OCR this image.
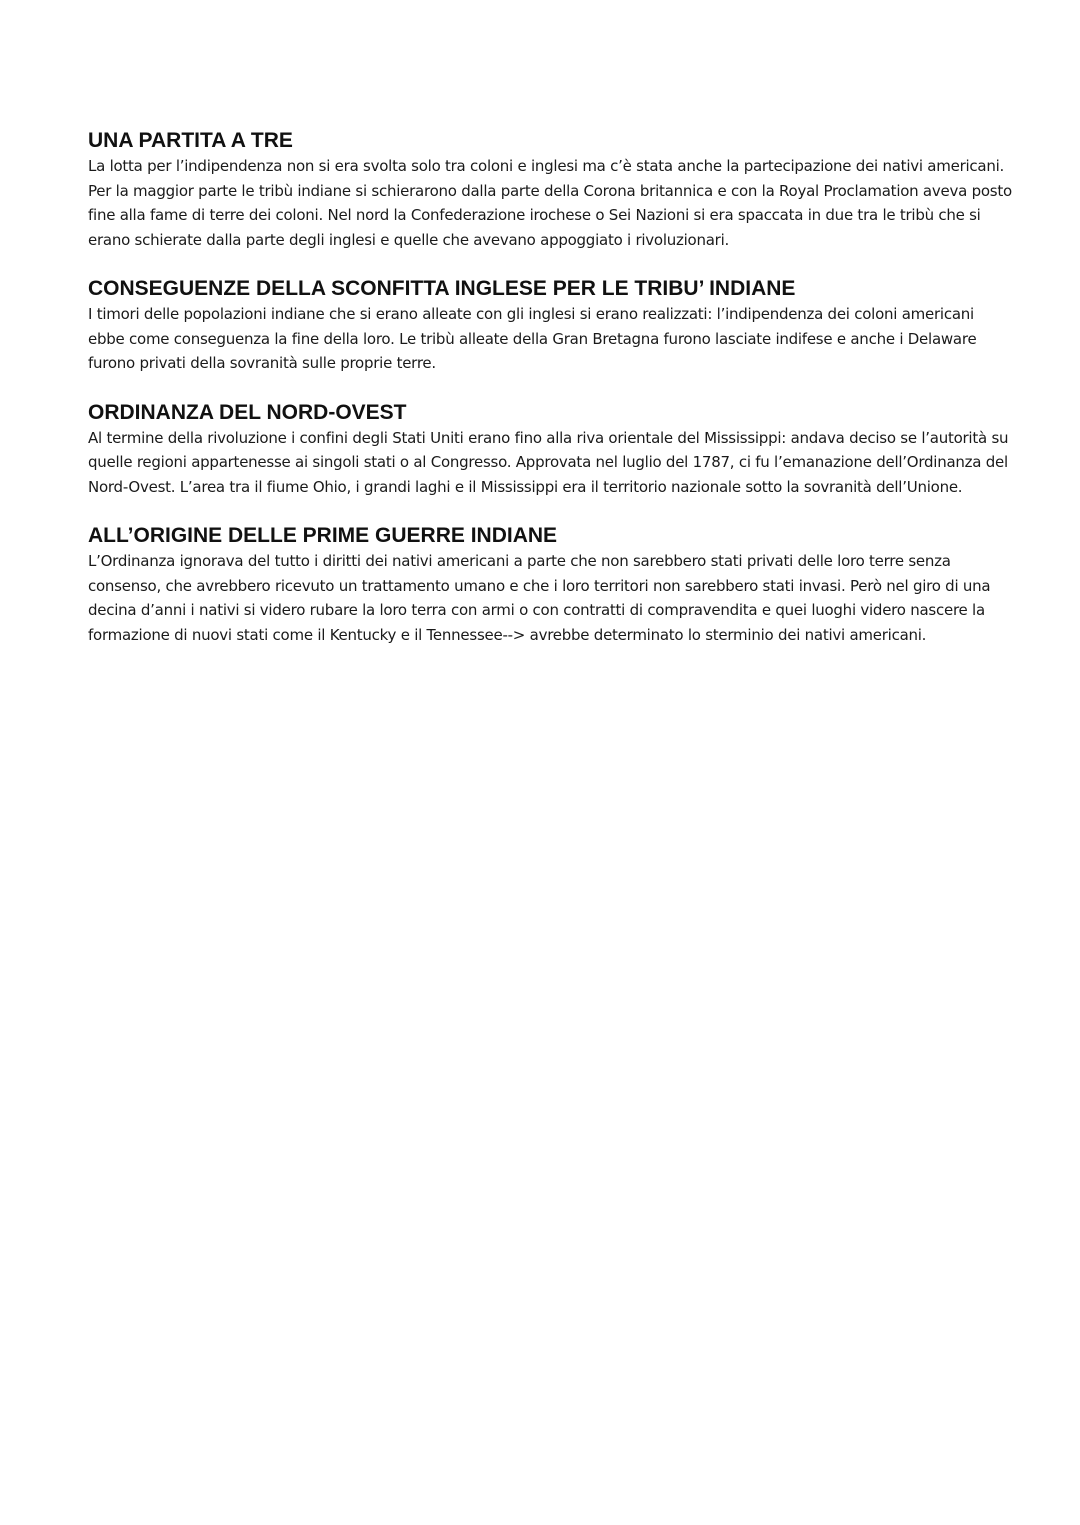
UNA PARTITA A TRE

La lotta per l’indipendenza non si era svolta solo tra coloni e inglesi ma c’è stata anche la partecipazione dei nativi americani. Per la maggior parte le tribù indiane si schierarono dalla parte della Corona britannica e con la Royal Proclamation aveva posto fine alla fame di terre dei coloni. Nel nord la Confederazione irochese o Sei Nazioni si era spaccata in due tra le tribù che si erano schierate dalla parte degli inglesi e quelle che avevano appoggiato i rivoluzionari.

CONSEGUENZE DELLA SCONFITTA INGLESE PER LE TRIBU’ INDIANE

I timori delle popolazioni indiane che si erano alleate con gli inglesi si erano realizzati: l’indipendenza dei coloni americani ebbe come conseguenza la fine della loro. Le tribù alleate della Gran Bretagna furono lasciate indifese e anche i Delaware furono privati della sovranità sulle proprie terre.

ORDINANZA DEL NORD-OVEST

Al termine della rivoluzione i confini degli Stati Uniti erano fino alla riva orientale del Mississippi: andava deciso se l’autorità su quelle regioni appartenesse ai singoli stati o al Congresso. Approvata nel luglio del 1787, ci fu l’emanazione dell’Ordinanza del Nord-Ovest. L’area tra il fiume Ohio, i grandi laghi e il Mississippi era il territorio nazionale sotto la sovranità dell’Unione.

ALL’ORIGINE DELLE PRIME GUERRE INDIANE

L’Ordinanza ignorava del tutto i diritti dei nativi americani a parte che non sarebbero stati privati delle loro terre senza consenso, che avrebbero ricevuto un trattamento umano e che i loro territori non sarebbero stati invasi. Però nel giro di una decina d’anni i nativi si videro rubare la loro terra con armi o con contratti di compravendita e quei luoghi videro nascere la formazione di nuovi stati come il Kentucky e il Tennessee--> avrebbe determinato lo sterminio dei nativi americani.
